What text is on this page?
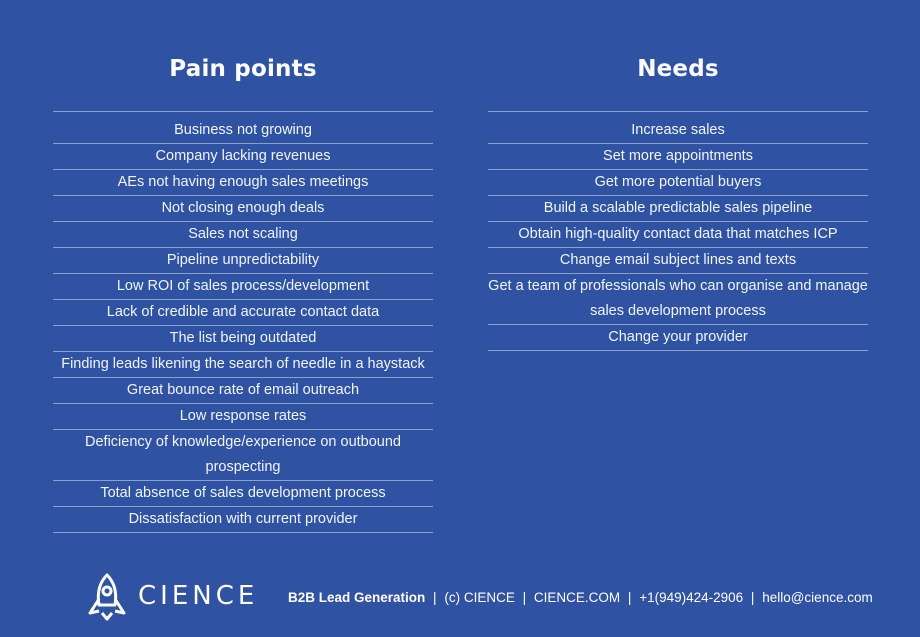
Pain points
Business not growing
Company lacking revenues
AEs not having enough sales meetings
Not closing enough deals
Sales not scaling
Pipeline unpredictability
Low ROI of sales process/development
Lack of credible and accurate contact data
The list being outdated
Finding leads likening the search of needle in a haystack
Great bounce rate of email outreach
Low response rates
Deficiency of knowledge/experience on outbound prospecting
Total absence of sales development process
Dissatisfaction with current provider
Needs
Increase sales
Set more appointments
Get more potential buyers
Build a scalable predictable sales pipeline
Obtain high-quality contact data that matches ICP
Change email subject lines and texts
Get a team of professionals who can organise and manage sales development process
Change your provider
CIENCE B2B Lead Generation | (c) CIENCE | CIENCE.COM | +1(949)424-2906 | hello@cience.com
